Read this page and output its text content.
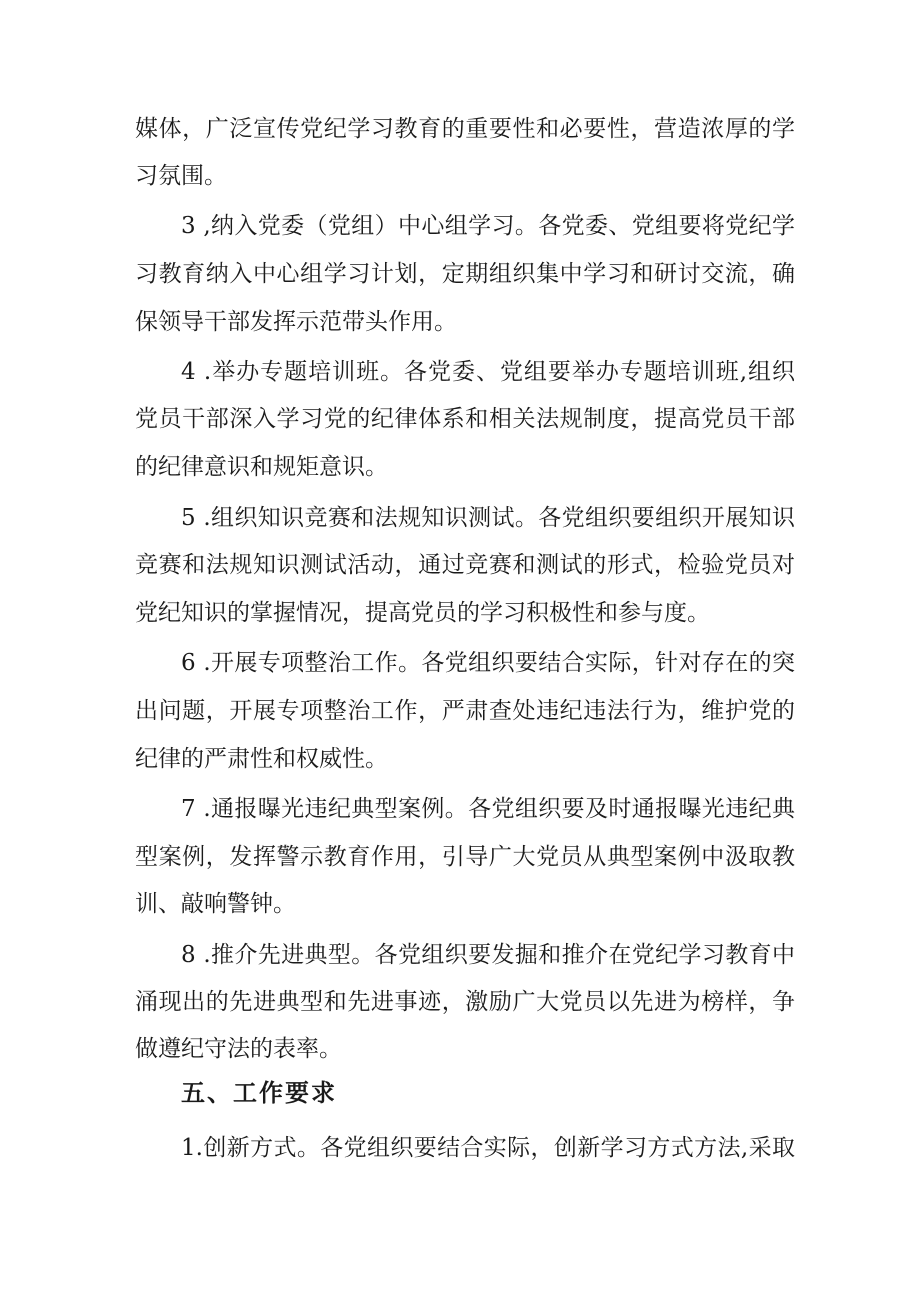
媒体，广泛宣传党纪学习教育的重要性和必要性，营造浓厚的学
习氛围。
3 ,纳入党委（党组）中心组学习。各党委、党组要将党纪学
习教育纳入中心组学习计划，定期组织集中学习和研讨交流，确
保领导干部发挥示范带头作用。
4 .举办专题培训班。各党委、党组要举办专题培训班,组织
党员干部深入学习党的纪律体系和相关法规制度，提高党员干部
的纪律意识和规矩意识。
5 .组织知识竞赛和法规知识测试。各党组织要组织开展知识
竞赛和法规知识测试活动，通过竞赛和测试的形式，检验党员对
党纪知识的掌握情况，提高党员的学习积极性和参与度。
6 .开展专项整治工作。各党组织要结合实际，针对存在的突
出问题，开展专项整治工作，严肃查处违纪违法行为，维护党的
纪律的严肃性和权威性。
7 .通报曝光违纪典型案例。各党组织要及时通报曝光违纪典
型案例，发挥警示教育作用，引导广大党员从典型案例中汲取教
训、敲响警钟。
8 .推介先进典型。各党组织要发掘和推介在党纪学习教育中
涌现出的先进典型和先进事迹，激励广大党员以先进为榜样，争
做遵纪守法的表率。
五、工作要求
1.创新方式。各党组织要结合实际，创新学习方式方法,采取
